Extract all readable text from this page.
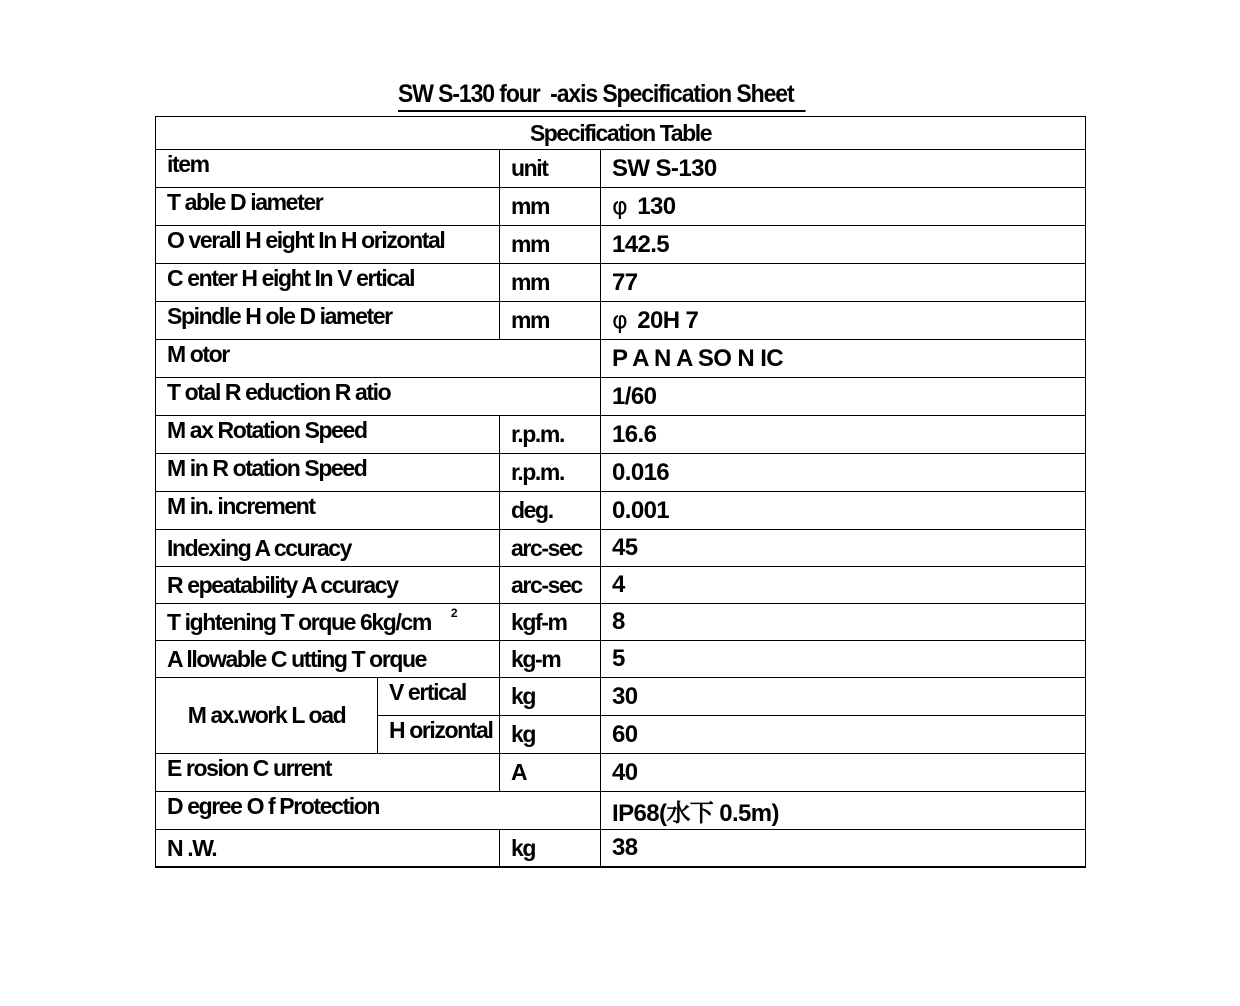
SW S-130 four  -axis Specification Sheet
Specification Table			
item		unit	SW S-130
T able D iameter		mm	φ 130
O verall H eight In H orizontal		mm	142.5
C enter H eight In V ertical		mm	77
Spindle H ole D iameter		mm	φ 20H 7
M otor			P A N A SO N IC
T otal R eduction R atio			1/60
M ax Rotation Speed		r.p.m.	16.6
M in R otation Speed		r.p.m.	0.016
M in. increment		deg.	0.001
Indexing A ccuracy		arc-sec	45
R epeatability A ccuracy		arc-sec	4
T ightening T orque 6kg/cm $^2$		kgf-m	8
A llowable C utting T orque		kg-m	5
M ax.work L oad	V ertical	kg	30
	H orizontal	kg	60
E rosion C urrent		A	40
D egree O f Protection			IP68(水下 0.5m)
N .W.		kg	38
